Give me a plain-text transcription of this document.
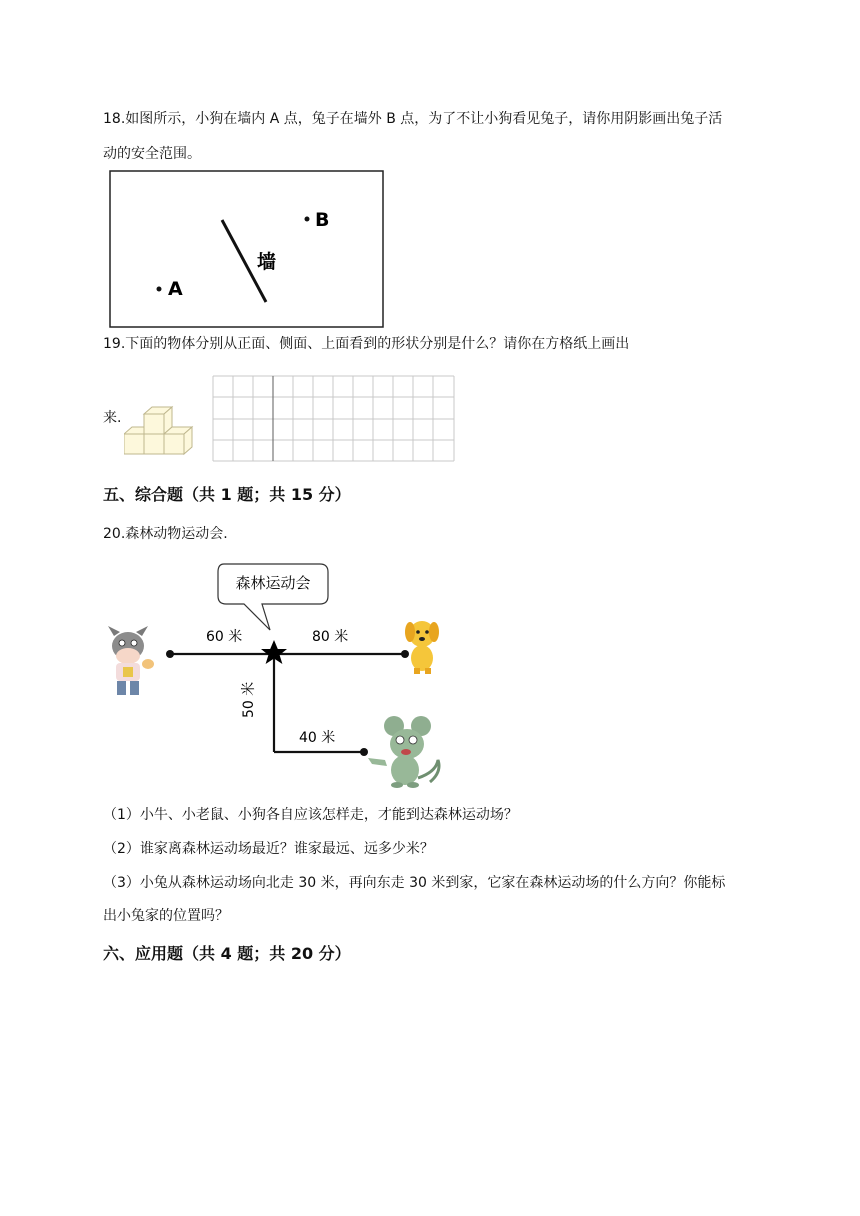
18.如图所示，小狗在墙内 A 点，兔子在墙外 B 点，为了不让小狗看见兔子，请你用阴影画出兔子活
动的安全范围。
墙
A
B
19.下面的物体分别从正面、侧面、上面看到的形状分别是什么？请你在方格纸上画出
来.
五、综合题（共 1 题；共 15 分）
20.森林动物运动会.
森林运动会
60 米	80 米
50 米
40 米
（1）小牛、小老鼠、小狗各自应该怎样走，才能到达森林运动场？
（2）谁家离森林运动场最近？谁家最远、远多少米？
（3）小兔从森林运动场向北走 30 米，再向东走 30 米到家，它家在森林运动场的什么方向？你能标
出小兔家的位置吗？
六、应用题（共 4 题；共 20 分）
